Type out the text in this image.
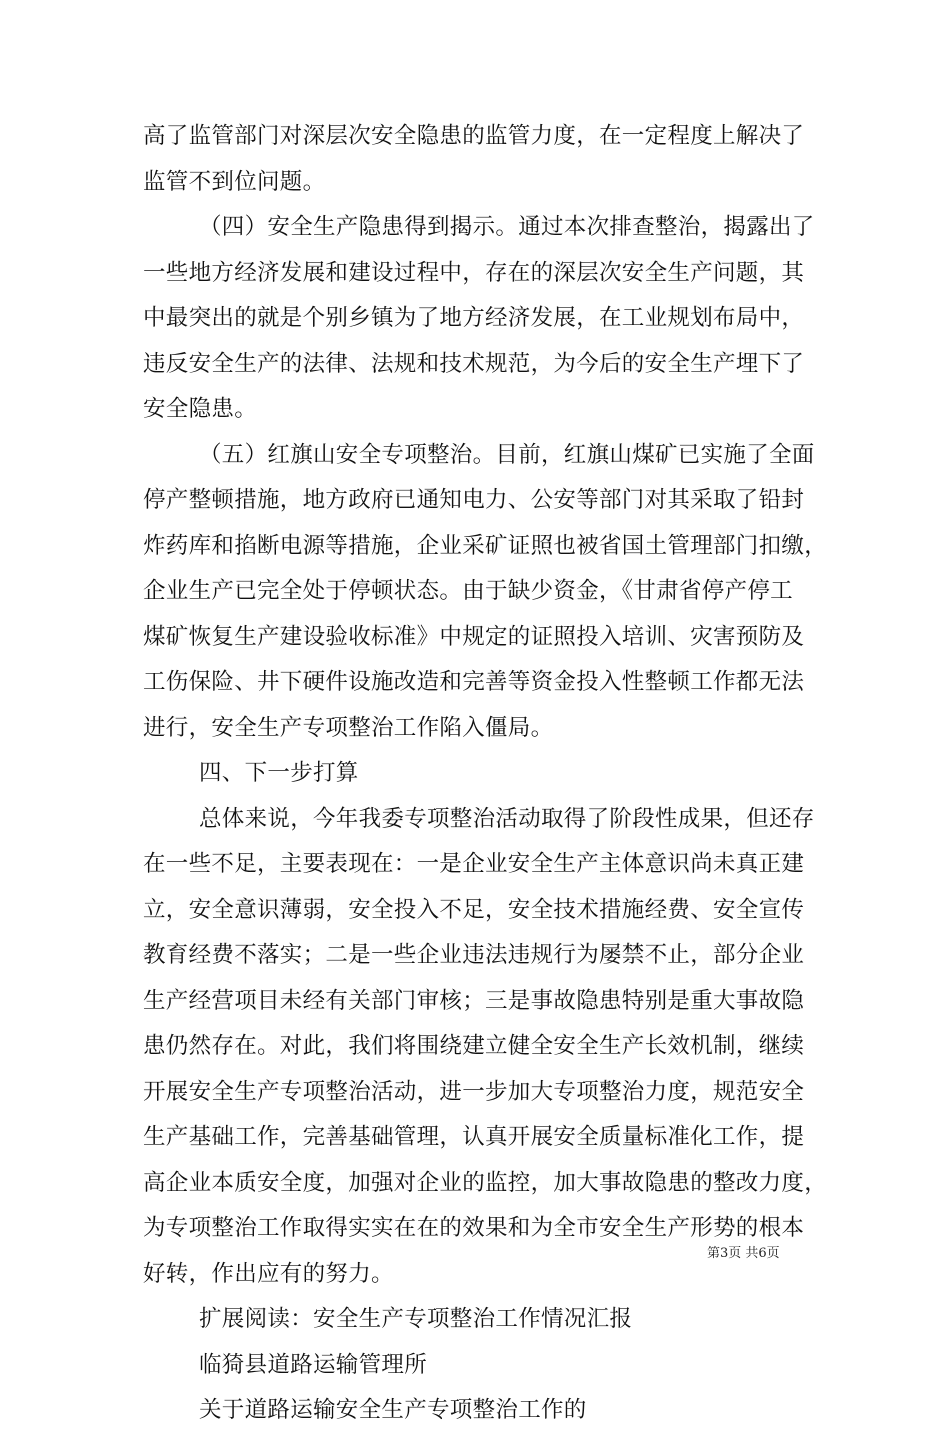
高了监管部门对深层次安全隐患的监管力度，在一定程度上解决了
监管不到位问题。
（四）安全生产隐患得到揭示。通过本次排查整治，揭露出了
一些地方经济发展和建设过程中，存在的深层次安全生产问题，其
中最突出的就是个别乡镇为了地方经济发展，在工业规划布局中，
违反安全生产的法律、法规和技术规范，为今后的安全生产埋下了
安全隐患。
（五）红旗山安全专项整治。目前，红旗山煤矿已实施了全面
停产整顿措施，地方政府已通知电力、公安等部门对其采取了铅封
炸药库和掐断电源等措施，企业采矿证照也被省国土管理部门扣缴，
企业生产已完全处于停顿状态。由于缺少资金，《甘肃省停产停工
煤矿恢复生产建设验收标准》中规定的证照投入培训、灾害预防及
工伤保险、井下硬件设施改造和完善等资金投入性整顿工作都无法
进行，安全生产专项整治工作陷入僵局。
四、下一步打算
总体来说，今年我委专项整治活动取得了阶段性成果，但还存
在一些不足，主要表现在：一是企业安全生产主体意识尚未真正建
立，安全意识薄弱，安全投入不足，安全技术措施经费、安全宣传
教育经费不落实；二是一些企业违法违规行为屡禁不止，部分企业
生产经营项目未经有关部门审核；三是事故隐患特别是重大事故隐
患仍然存在。对此，我们将围绕建立健全安全生产长效机制，继续
开展安全生产专项整治活动，进一步加大专项整治力度，规范安全
生产基础工作，完善基础管理，认真开展安全质量标准化工作，提
高企业本质安全度，加强对企业的监控，加大事故隐患的整改力度，
为专项整治工作取得实实在在的效果和为全市安全生产形势的根本
好转，作出应有的努力。
扩展阅读：安全生产专项整治工作情况汇报
临猗县道路运输管理所
关于道路运输安全生产专项整治工作的
第3页 共6页
